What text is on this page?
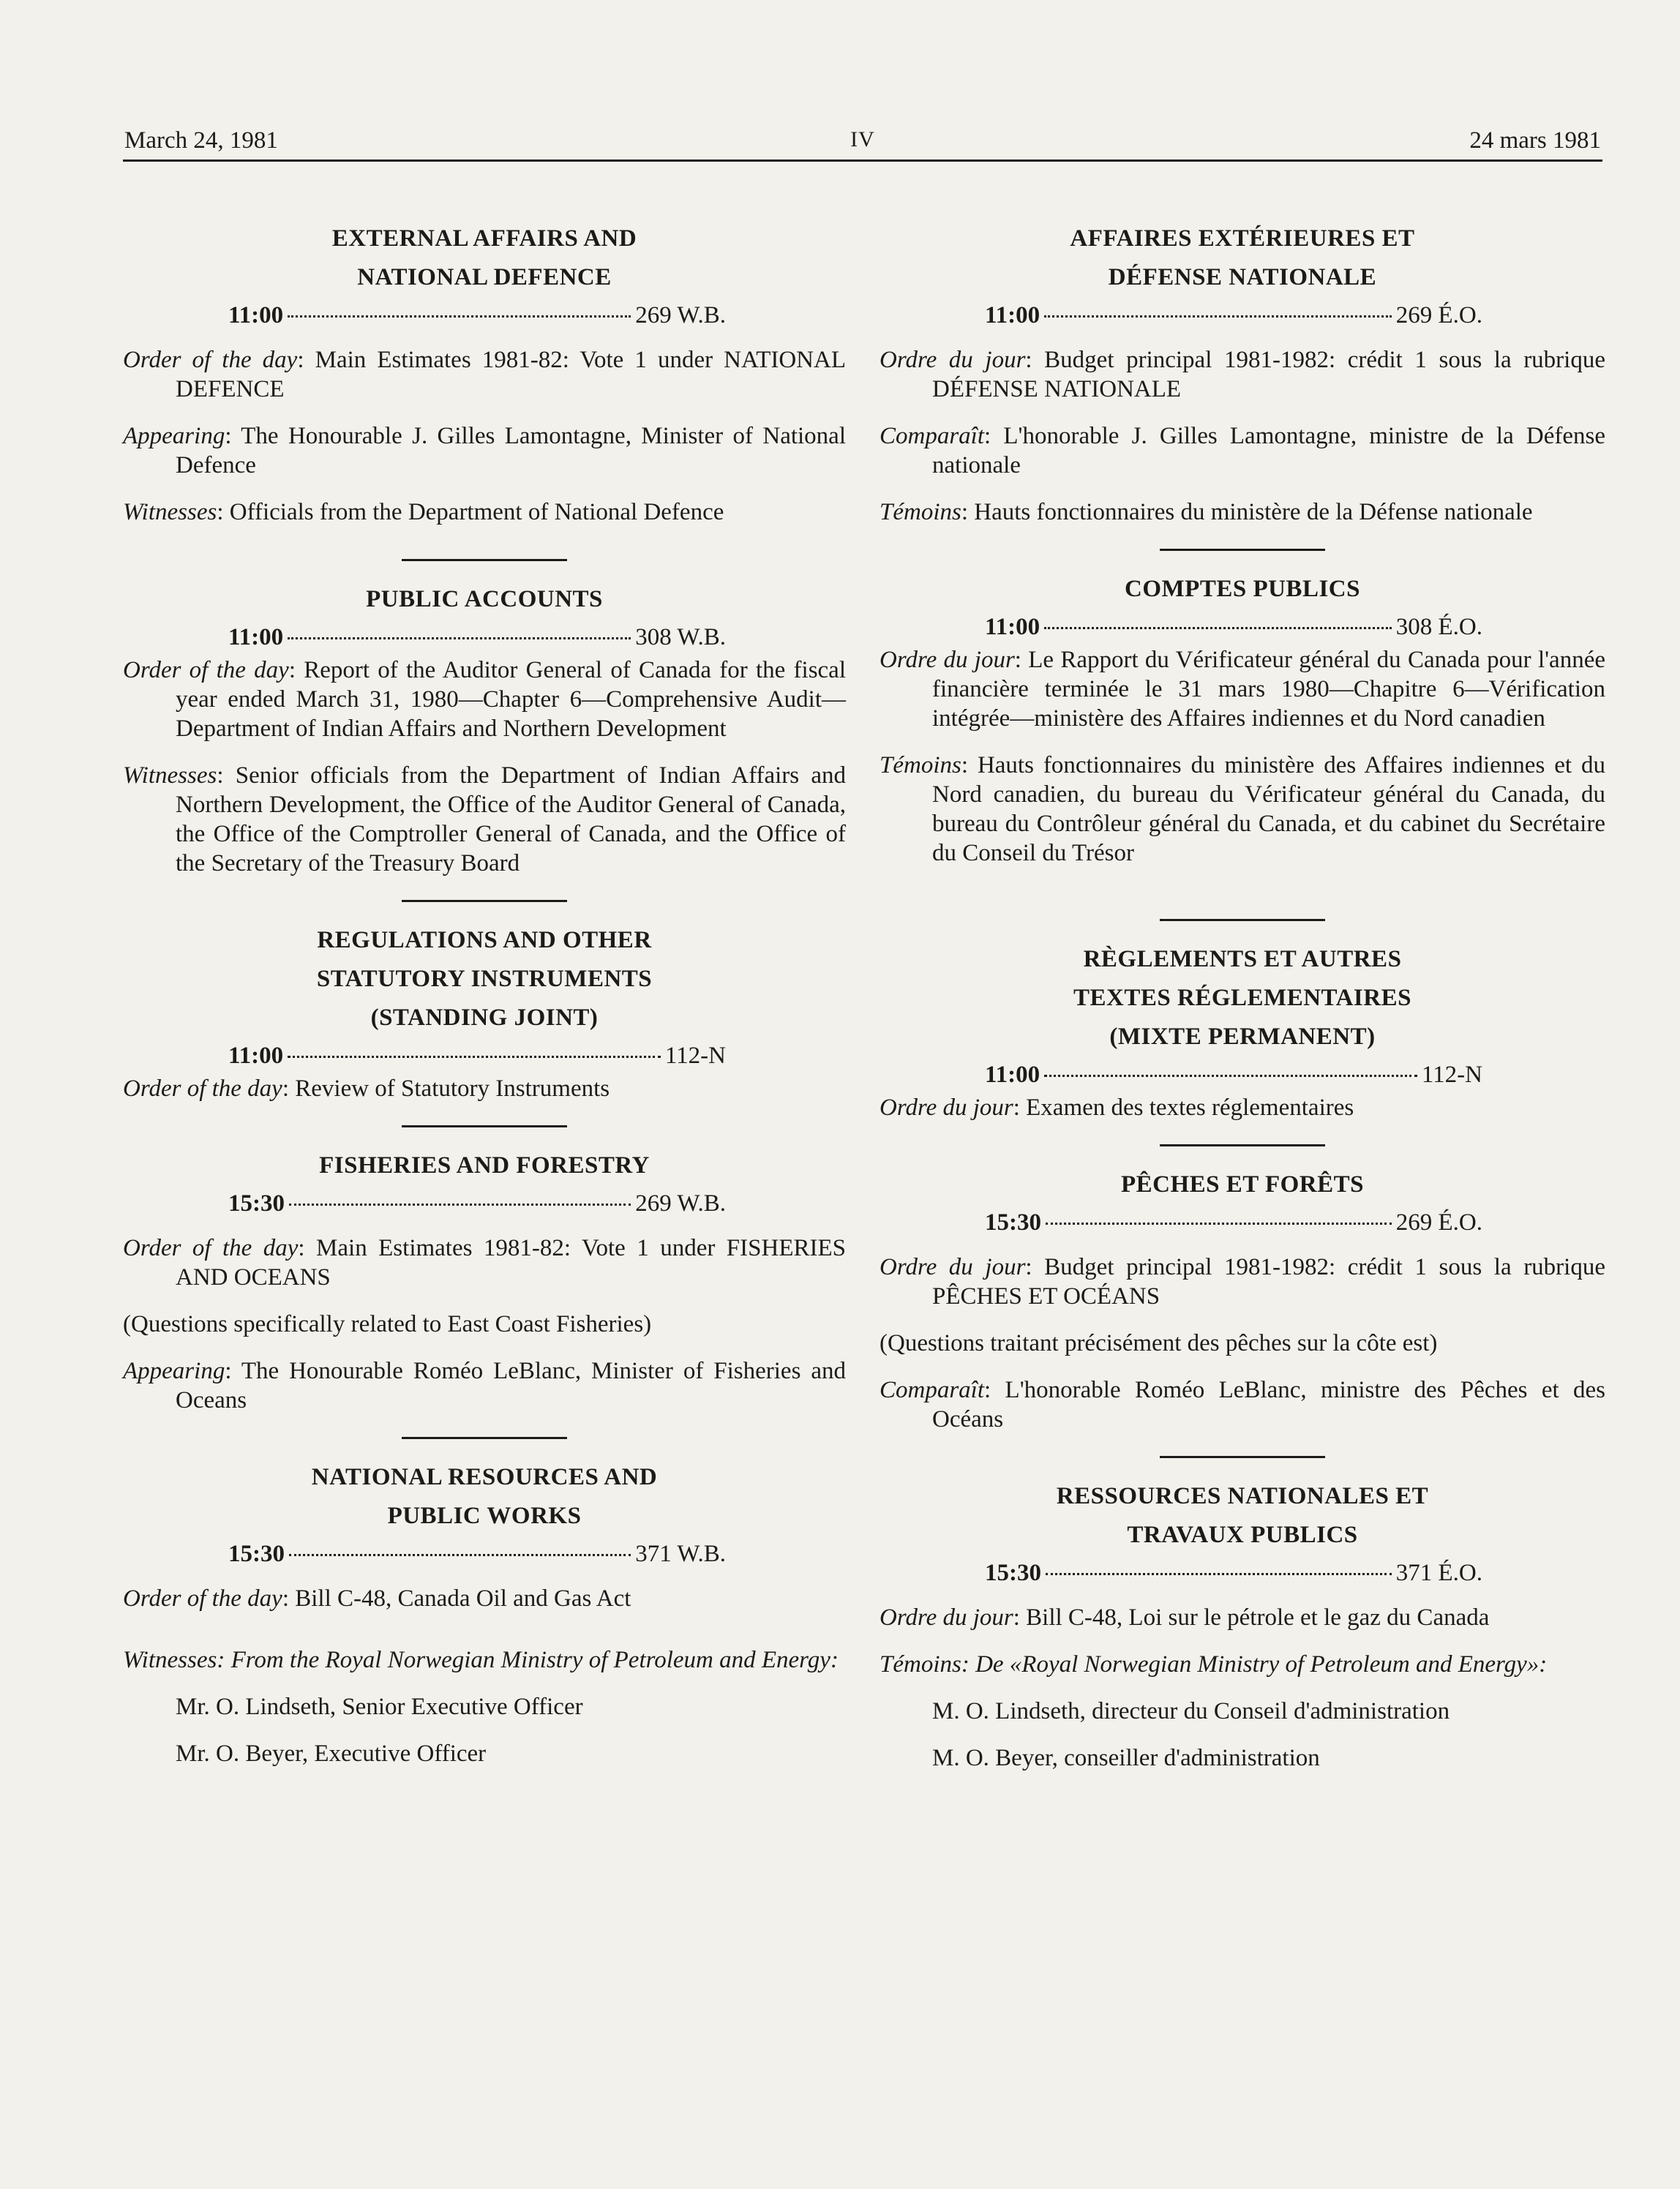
March 24, 1981	IV	24 mars 1981

EXTERNAL AFFAIRS AND

NATIONAL DEFENCE

11:00	269 W.B.

Order of the day: Main Estimates 1981-82: Vote 1 under NATIONAL DEFENCE

Appearing: The Honourable J. Gilles Lamontagne, Minister of National Defence

Witnesses: Officials from the Department of National Defence

PUBLIC ACCOUNTS

11:00	308 W.B.

Order of the day: Report of the Auditor General of Canada for the fiscal year ended March 31, 1980—Chapter 6—Comprehensive Audit—Department of Indian Affairs and Northern Development

Witnesses: Senior officials from the Department of Indian Affairs and Northern Development, the Office of the Auditor General of Canada, the Office of the Comptroller General of Canada, and the Office of the Secretary of the Treasury Board

REGULATIONS AND OTHER

STATUTORY INSTRUMENTS

(STANDING JOINT)

11:00	112-N

Order of the day: Review of Statutory Instruments

FISHERIES AND FORESTRY

15:30	269 W.B.

Order of the day: Main Estimates 1981-82: Vote 1 under FISHERIES AND OCEANS

(Questions specifically related to East Coast Fisheries)

Appearing: The Honourable Roméo LeBlanc, Minister of Fisheries and Oceans

NATIONAL RESOURCES AND

PUBLIC WORKS

15:30	371 W.B.

Order of the day: Bill C-48, Canada Oil and Gas Act

Witnesses: From the Royal Norwegian Ministry of Petroleum and Energy:

Mr. O. Lindseth, Senior Executive Officer

Mr. O. Beyer, Executive Officer

AFFAIRES EXTÉRIEURES ET

DÉFENSE NATIONALE

11:00	269 É.O.

Ordre du jour: Budget principal 1981-1982: crédit 1 sous la rubrique DÉFENSE NATIONALE

Comparaît: L'honorable J. Gilles Lamontagne, ministre de la Défense nationale

Témoins: Hauts fonctionnaires du ministère de la Défense nationale

COMPTES PUBLICS

11:00	308 É.O.

Ordre du jour: Le Rapport du Vérificateur général du Canada pour l'année financière terminée le 31 mars 1980—Chapitre 6—Vérification intégrée—ministère des Affaires indiennes et du Nord canadien

Témoins: Hauts fonctionnaires du ministère des Affaires indiennes et du Nord canadien, du bureau du Vérificateur général du Canada, du bureau du Contrôleur général du Canada, et du cabinet du Secrétaire du Conseil du Trésor

RÈGLEMENTS ET AUTRES

TEXTES RÉGLEMENTAIRES

(MIXTE PERMANENT)

11:00	112-N

Ordre du jour: Examen des textes réglementaires

PÊCHES ET FORÊTS

15:30	269 É.O.

Ordre du jour: Budget principal 1981-1982: crédit 1 sous la rubrique PÊCHES ET OCÉANS

(Questions traitant précisément des pêches sur la côte est)

Comparaît: L'honorable Roméo LeBlanc, ministre des Pêches et des Océans

RESSOURCES NATIONALES ET

TRAVAUX PUBLICS

15:30	371 É.O.

Ordre du jour: Bill C-48, Loi sur le pétrole et le gaz du Canada

Témoins: De «Royal Norwegian Ministry of Petroleum and Energy»:

M. O. Lindseth, directeur du Conseil d'administration

M. O. Beyer, conseiller d'administration
